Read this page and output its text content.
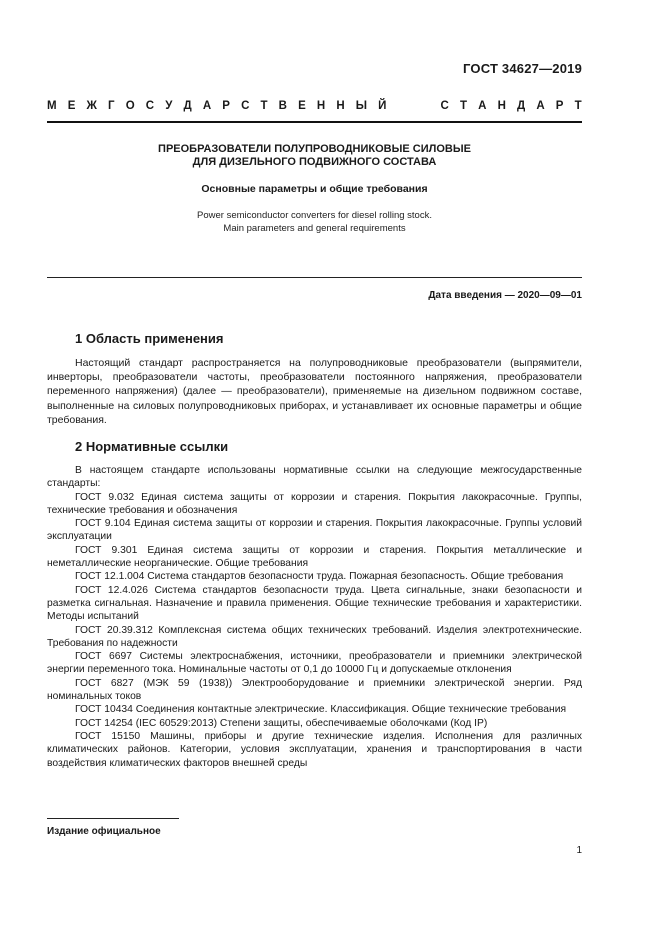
ГОСТ 34627—2019
М Е Ж Г О С У Д А Р С Т В Е Н Н Ы Й

	С Т А Н Д А Р Т
ПРЕОБРАЗОВАТЕЛИ ПОЛУПРОВОДНИКОВЫЕ СИЛОВЫЕ
ДЛЯ ДИЗЕЛЬНОГО ПОДВИЖНОГО СОСТАВА
Основные параметры и общие требования
Power semiconductor converters for diesel rolling stock.
Main parameters and general requirements
Дата введения — 2020—09—01
1 Область применения

Настоящий стандарт распространяется на полупроводниковые преобразователи (выпрямители, инверторы, преобразователи частоты, преобразователи постоянного напряжения, преобразователи переменного напряжения) (далее — преобразователи), применяемые на дизельном подвижном составе, выполненные на силовых полупроводниковых приборах, и устанавливает их основные параметры и общие требования.

2 Нормативные ссылки

В настоящем стандарте использованы нормативные ссылки на следующие межгосударственные стандарты:

ГОСТ 9.032 Единая система защиты от коррозии и старения. Покрытия лакокрасочные. Группы, технические требования и обозначения

ГОСТ 9.104 Единая система защиты от коррозии и старения. Покрытия лакокрасочные. Группы условий эксплуатации

ГОСТ 9.301 Единая система защиты от коррозии и старения. Покрытия металлические и неметаллические неорганические. Общие требования

ГОСТ 12.1.004 Система стандартов безопасности труда. Пожарная безопасность. Общие требования

ГОСТ 12.4.026 Система стандартов безопасности труда. Цвета сигнальные, знаки безопасности и разметка сигнальная. Назначение и правила применения. Общие технические требования и характеристики. Методы испытаний

ГОСТ 20.39.312 Комплексная система общих технических требований. Изделия электротехнические. Требования по надежности

ГОСТ 6697 Системы электроснабжения, источники, преобразователи и приемники электрической энергии переменного тока. Номинальные частоты от 0,1 до 10000 Гц и допускаемые отклонения

ГОСТ 6827 (МЭК 59 (1938)) Электрооборудование и приемники электрической энергии. Ряд номинальных токов

ГОСТ 10434 Соединения контактные электрические. Классификация. Общие технические требования

ГОСТ 14254 (IEC 60529:2013) Степени защиты, обеспечиваемые оболочками (Код IP)

ГОСТ 15150 Машины, приборы и другие технические изделия. Исполнения для различных климатических районов. Категории, условия эксплуатации, хранения и транспортирования в части воздействия климатических факторов внешней среды

Издание официальное
1
